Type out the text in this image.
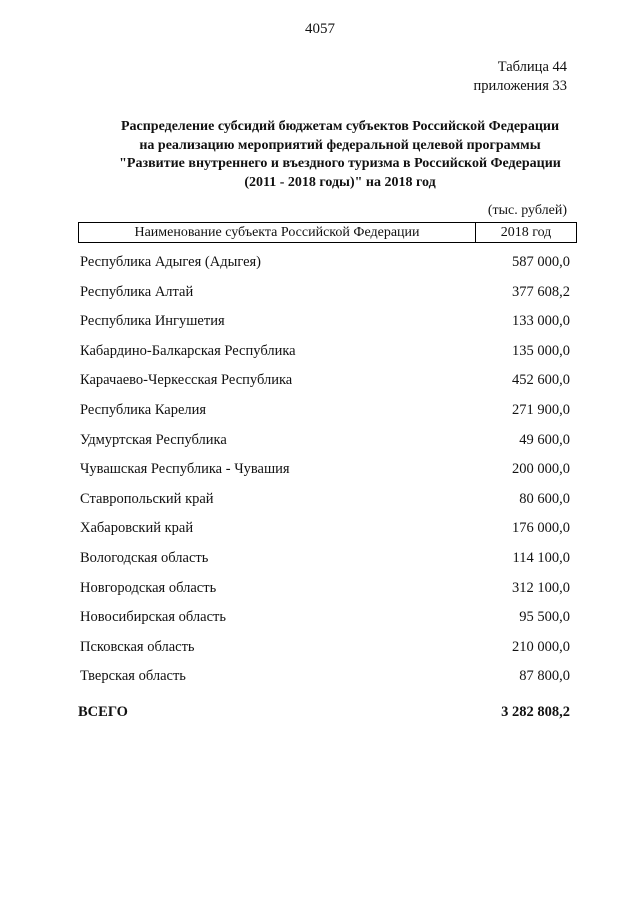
4057
Таблица 44
приложения 33
Распределение субсидий бюджетам субъектов Российской Федерации
на реализацию мероприятий федеральной целевой программы
"Развитие внутреннего и въездного туризма в Российской Федерации
(2011 - 2018 годы)" на 2018 год
(тыс. рублей)
Наименование субъекта Российской Федерации	2018 год
Республика Адыгея (Адыгея)	587 000,0
Республика Алтай	377 608,2
Республика Ингушетия	133 000,0
Кабардино-Балкарская Республика	135 000,0
Карачаево-Черкесская Республика	452 600,0
Республика Карелия	271 900,0
Удмуртская Республика	49 600,0
Чувашская Республика - Чувашия	200 000,0
Ставропольский край	80 600,0
Хабаровский край	176 000,0
Вологодская область	114 100,0
Новгородская область	312 100,0
Новосибирская область	95 500,0
Псковская область	210 000,0
Тверская область	87 800,0
ВСЕГО	3 282 808,2
